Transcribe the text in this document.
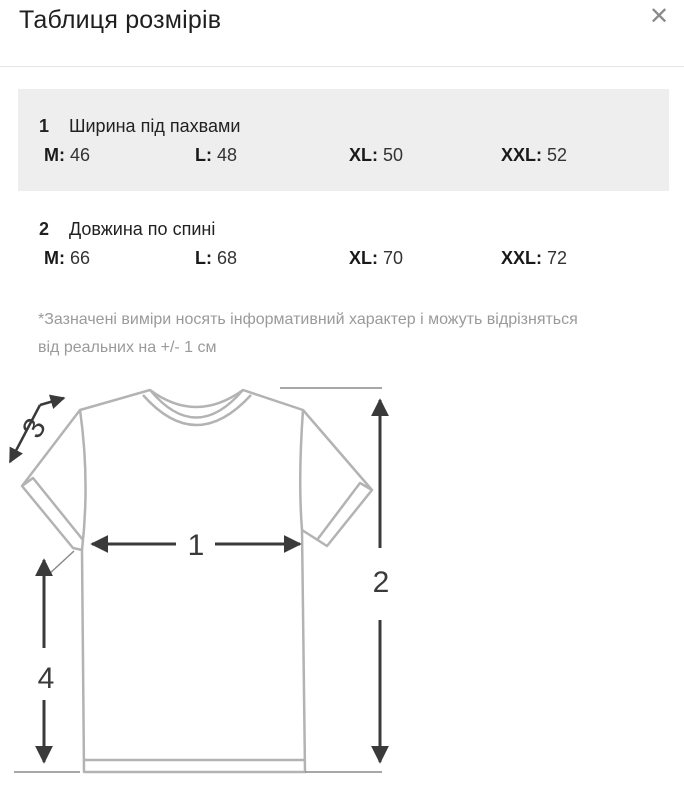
Таблиця розмірів	✕
1 Ширина під пахвами
M: 46	L: 48	XL: 50	XXL: 52
2 Довжина по спині
M: 66	L: 68	XL: 70	XXL: 72
*Зазначені виміри носять інформативний характер і можуть відрізняться від реальних на +/- 1 см
1
2
3
4
